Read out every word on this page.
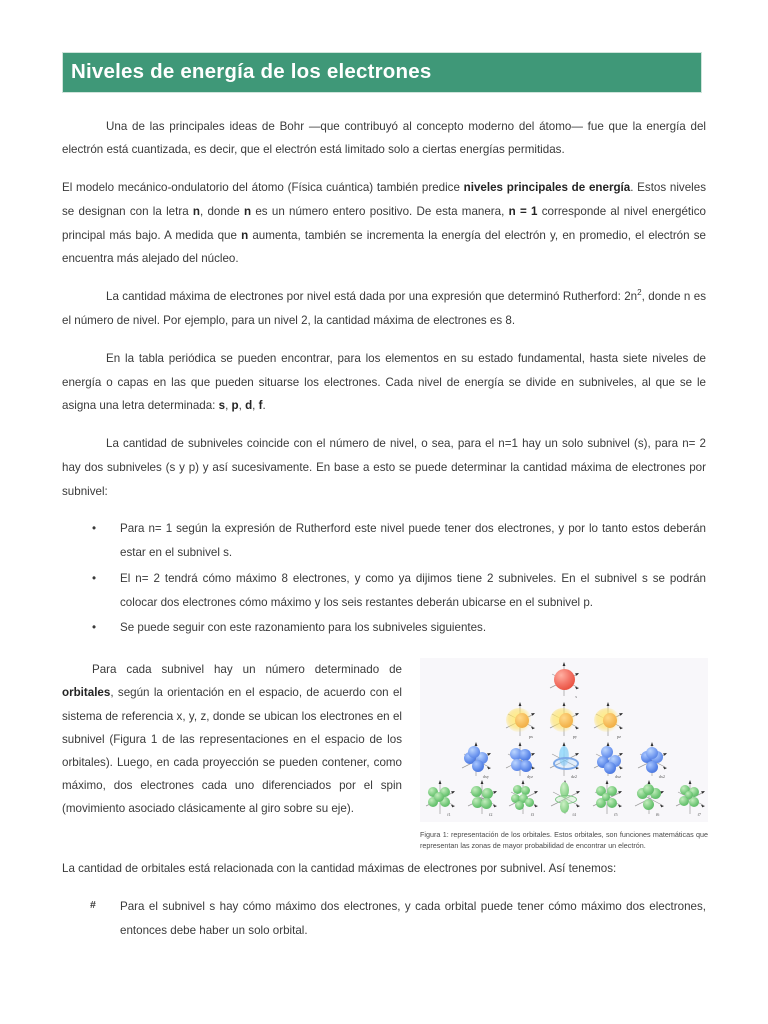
Niveles de energía de los electrones

Una de las principales ideas de Bohr —que contribuyó al concepto moderno del átomo— fue que la energía del electrón está cuantizada, es decir, que el electrón está limitado solo a ciertas energías permitidas.

El modelo mecánico-ondulatorio del átomo (Física cuántica) también predice niveles principales de energía. Estos niveles se designan con la letra n, donde n es un número entero positivo. De esta manera, n = 1 corresponde al nivel energético principal más bajo. A medida que n aumenta, también se incrementa la energía del electrón y, en promedio, el electrón se encuentra más alejado del núcleo.

La cantidad máxima de electrones por nivel está dada por una expresión que determinó Rutherford: $2n^2$, donde n es el número de nivel. Por ejemplo, para un nivel 2, la cantidad máxima de electrones es 8.

En la tabla periódica se pueden encontrar, para los elementos en su estado fundamental, hasta siete niveles de energía o capas en las que pueden situarse los electrones. Cada nivel de energía se divide en subniveles, al que se le asigna una letra determinada: s, p, d, f.

La cantidad de subniveles coincide con el número de nivel, o sea, para el n=1 hay un solo subnivel (s), para n= 2 hay dos subniveles (s y p) y así sucesivamente. En base a esto se puede determinar la cantidad máxima de electrones por subnivel:

• Para n= 1 según la expresión de Rutherford este nivel puede tener dos electrones, y por lo tanto estos deberán estar en el subnivel s.
• El n= 2 tendrá cómo máximo 8 electrones, y como ya dijimos tiene 2 subniveles. En el subnivel s se podrán colocar dos electrones cómo máximo y los seis restantes deberán ubicarse en el subnivel p.
• Se puede seguir con este razonamiento para los subniveles siguientes.

Para cada subnivel hay un número determinado de orbitales, según la orientación en el espacio, de acuerdo con el sistema de referencia x, y, z, donde se ubican los electrones en el subnivel (Figura 1 de las representaciones en el espacio de los orbitales). Luego, en cada proyección se pueden contener, como máximo, dos electrones cada uno diferenciados por el spin (movimiento asociado clásicamente al giro sobre su eje).

s
px	py	pz
dxy	dyz	dz2	dxz	dx2
f1	f2	f3	f4	f5	f6	f7
Figura 1: representación de los orbitales. Estos orbitales, son funciones matemáticas que representan las zonas de mayor probabilidad de encontrar un electrón.

La cantidad de orbitales está relacionada con la cantidad máximas de electrones por subnivel. Así tenemos:

# Para el subnivel s hay cómo máximo dos electrones, y cada orbital puede tener cómo máximo dos electrones, entonces debe haber un solo orbital.
